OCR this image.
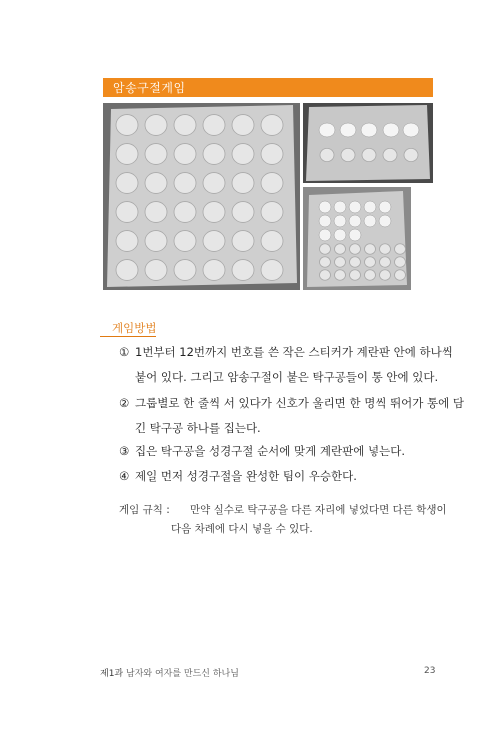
암송구절게임
게임방법
① 1번부터 12번까지 번호를 쓴 작은 스티커가 계란판 안에 하나씩
붙어 있다. 그리고 암송구절이 붙은 탁구공들이 통 안에 있다.
② 그룹별로 한 줄씩 서 있다가 신호가 울리면 한 명씩 뛰어가 통에 담
긴 탁구공 하나를 집는다.
③ 집은 탁구공을 성경구절 순서에 맞게 계란판에 넣는다.
④ 제일 먼저 성경구절을 완성한 팀이 우승한다.
게임 규칙 : 만약 실수로 탁구공을 다른 자리에 넣었다면 다른 학생이
다음 차례에 다시 넣을 수 있다.
제1과 남자와 여자를 만드신 하나님	23
